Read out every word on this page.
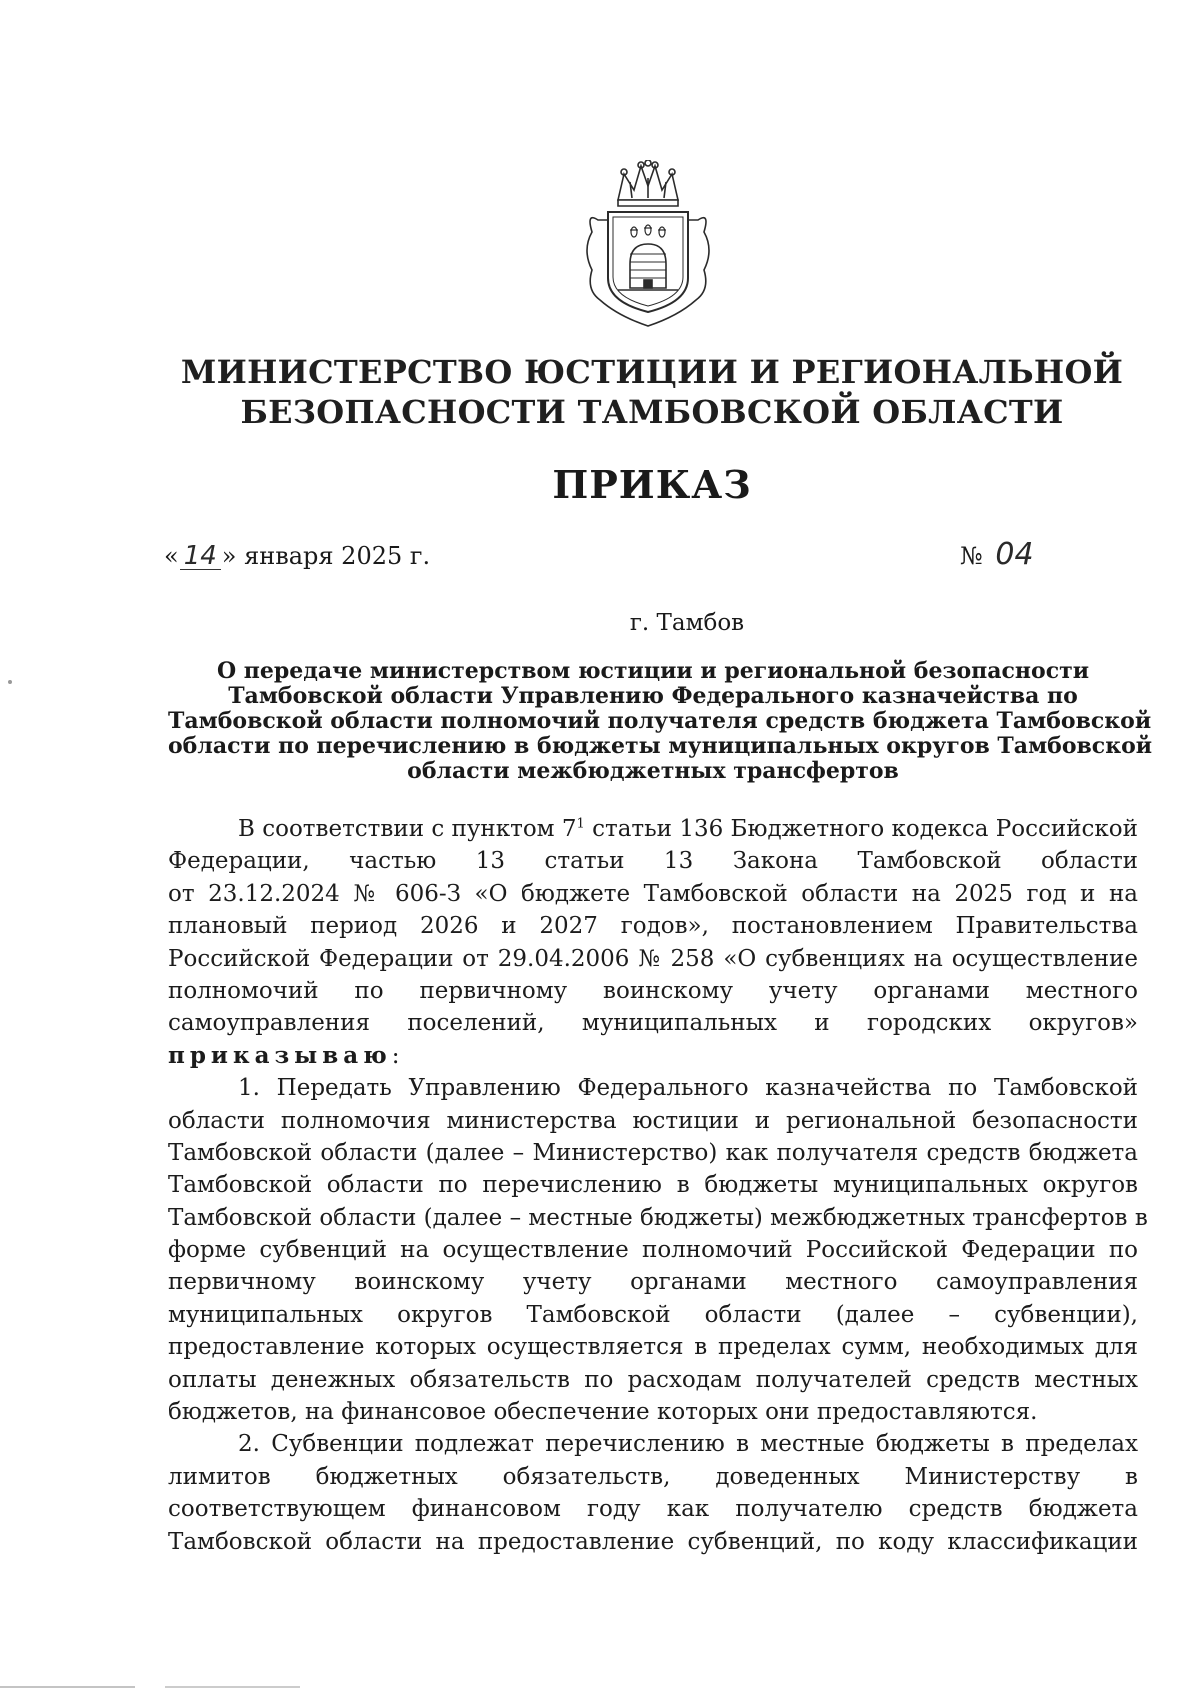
МИНИСТЕРСТВО ЮСТИЦИИ И РЕГИОНАЛЬНОЙ
БЕЗОПАСНОСТИ ТАМБОВСКОЙ ОБЛАСТИ
ПРИКАЗ
« 14 » января 2025 г.	№ 04
г. Тамбов
О передаче министерством юстиции и региональной безопасности
Тамбовской области Управлению Федерального казначейства по
Тамбовской области полномочий получателя средств бюджета Тамбовской
области по перечислению в бюджеты муниципальных округов Тамбовской
области межбюджетных трансфертов
В соответствии с пунктом $7^1$ статьи 136 Бюджетного кодекса Российской
Федерации, частью 13 статьи 13 Закона Тамбовской области
от 23.12.2024 № 606-З «О бюджете Тамбовской области на 2025 год и на
плановый период 2026 и 2027 годов», постановлением Правительства
Российской Федерации от 29.04.2006 № 258 «О субвенциях на осуществление
полномочий по первичному воинскому учету органами местного
самоуправления поселений, муниципальных и городских округов»
приказываю:
1. Передать Управлению Федерального казначейства по Тамбовской
области полномочия министерства юстиции и региональной безопасности
Тамбовской области (далее – Министерство) как получателя средств бюджета
Тамбовской области по перечислению в бюджеты муниципальных округов
Тамбовской области (далее – местные бюджеты) межбюджетных трансфертов в
форме субвенций на осуществление полномочий Российской Федерации по
первичному воинскому учету органами местного самоуправления
муниципальных округов Тамбовской области (далее – субвенции),
предоставление которых осуществляется в пределах сумм, необходимых для
оплаты денежных обязательств по расходам получателей средств местных
бюджетов, на финансовое обеспечение которых они предоставляются.
2. Субвенции подлежат перечислению в местные бюджеты в пределах
лимитов бюджетных обязательств, доведенных Министерству в
соответствующем финансовом году как получателю средств бюджета
Тамбовской области на предоставление субвенций, по коду классификации
